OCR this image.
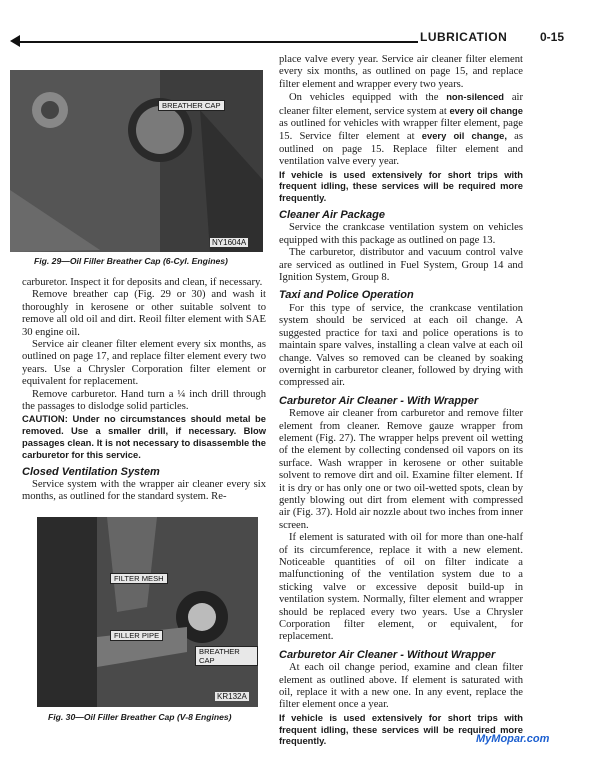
LUBRICATION	0-15
BREATHER CAP
NY1604A
Fig. 29—Oil Filler Breather Cap (6-Cyl. Engines)

carburetor. Inspect it for deposits and clean, if necessary.

Remove breather cap (Fig. 29 or 30) and wash it thoroughly in kerosene or other suitable solvent to remove all old oil and dirt. Reoil filter element with SAE 30 engine oil.

Service air cleaner filter element every six months, as outlined on page 17, and replace filter element every two years. Use a Chrysler Corporation filter element or equivalent for replacement.

Remove carburetor. Hand turn a ¼ inch drill through the passages to dislodge solid particles.

CAUTION: Under no circumstances should metal be removed. Use a smaller drill, if necessary. Blow passages clean. It is not necessary to disassemble the carburetor for this service.

Closed Ventilation System

Service system with the wrapper air cleaner every six months, as outlined for the standard system. Re-

FILTER MESH
FILLER PIPE
BREATHER CAP
KR132A
Fig. 30—Oil Filler Breather Cap (V-8 Engines)

place valve every year. Service air cleaner filter element every six months, as outlined on page 15, and replace filter element and wrapper every two years.

On vehicles equipped with the non-silenced air cleaner filter element, service system at every oil change as outlined for vehicles with wrapper filter element, page 15. Service filter element at every oil change, as outlined on page 15. Replace filter element and ventilation valve every year.

If vehicle is used extensively for short trips with frequent idling, these services will be required more frequently.

Cleaner Air Package

Service the crankcase ventilation system on vehicles equipped with this package as outlined on page 13.

The carburetor, distributor and vacuum control valve are serviced as outlined in Fuel System, Group 14 and Ignition System, Group 8.

Taxi and Police Operation

For this type of service, the crankcase ventilation system should be serviced at each oil change. A suggested practice for taxi and police operations is to maintain spare valves, installing a clean valve at each oil change. Valves so removed can be cleaned by soaking overnight in carburetor cleaner, followed by drying with compressed air.

Carburetor Air Cleaner - With Wrapper

Remove air cleaner from carburetor and remove filter element from cleaner. Remove gauze wrapper from element (Fig. 27). The wrapper helps prevent oil wetting of the element by collecting condensed oil vapors on its surface. Wash wrapper in kerosene or other suitable solvent to remove dirt and oil. Examine filter element. If it is dry or has only one or two oil-wetted spots, clean by gently blowing out dirt from element with compressed air (Fig. 37). Hold air nozzle about two inches from inner screen.

If element is saturated with oil for more than one-half of its circumference, replace it with a new element. Noticeable quantities of oil on filter indicate a malfunctioning of the ventilation system due to a sticking valve or excessive deposit build-up in ventilation system. Normally, filter element and wrapper should be replaced every two years. Use a Chrysler Corporation filter element, or equivalent, for replacement.

Carburetor Air Cleaner - Without Wrapper

At each oil change period, examine and clean filter element as outlined above. If element is saturated with oil, replace it with a new one. In any event, replace the filter element once a year.

If vehicle is used extensively for short trips with frequent idling, these services will be required more frequently.	MyMopar.com
